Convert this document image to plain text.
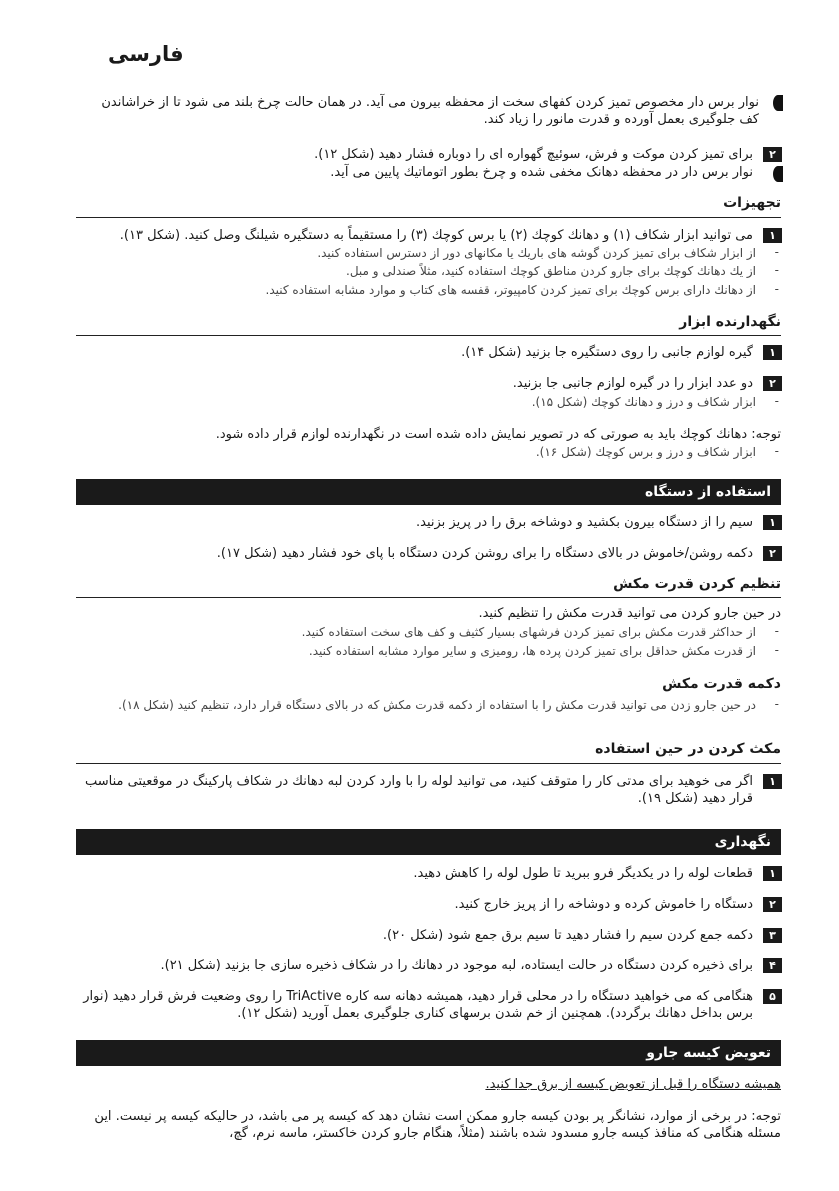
فارسی
نوار برس دار مخصوص تمیز کردن کفهای سخت از محفظه بیرون می آید. در همان حالت چرخ بلند می شود تا از خراشاندن کف جلوگیری بعمل آورده و قدرت مانور را زیاد کند.
٢
برای تمیز کردن موکت و فرش، سوئیچ گهواره ای را دوباره فشار دهید (شکل ١٢).
نوار برس دار در محفظه دهانک مخفی شده و چرخ بطور اتوماتیك پایین می آید.
تجهیزات
١
می توانید ابزار شکاف (١) و دهانك کوچك (٢) یا برس کوچك (٣) را مستقیماً به دستگیره شیلنگ وصل کنید. (شکل ١٣).
-
از ابزار شکاف برای تمیز کردن گوشه های باریك یا مکانهای دور از دسترس استفاده کنید.
-
از یك دهانك کوچك برای جارو کردن مناطق کوچك استفاده کنید، مثلاً صندلی و مبل.
-
از دهانك دارای برس کوچك برای تمیز کردن کامپیوتر، قفسه های کتاب و موارد مشابه استفاده کنید.
نگهدارنده ابزار
١
گیره لوازم جانبی را روی دستگیره جا بزنید (شکل ١۴).
٢
دو عدد ابزار را در گیره لوازم جانبی جا بزنید.
-
ابزار شکاف و درز و دهانك کوچك (شکل ١۵).
توجه: دهانك کوچك باید به صورتی که در تصویر نمایش داده شده است در نگهدارنده لوازم قرار داده شود.
-
ابزار شکاف و درز و برس کوچك (شکل ١۶).
استفاده از دستگاه
١
سیم را از دستگاه بیرون بکشید و دوشاخه برق را در پریز بزنید.
٢
دکمه روشن/خاموش در بالای دستگاه را برای روشن کردن دستگاه با پای خود فشار دهید (شکل ١٧).
تنظیم کردن قدرت مکش
در حین جارو کردن می توانید قدرت مکش را تنظیم کنید.
-
از حداکثر قدرت مکش برای تمیز کردن فرشهای بسیار کثیف و کف های سخت استفاده کنید.
-
از قدرت مکش حداقل برای تمیز کردن پرده ها، رومیزی و سایر موارد مشابه استفاده کنید.
دکمه قدرت مکش
-
در حین جارو زدن می توانید قدرت مکش را با استفاده از دکمه قدرت مکش که در بالای دستگاه قرار دارد، تنظیم کنید (شکل ١٨).
مکث کردن در حین استفاده
١
اگر می خوهید برای مدتی کار را متوقف کنید، می توانید لوله را با وارد کردن لبه دهانك در شکاف پارکینگ در موقعیتی مناسب قرار دهید (شکل ١٩).
نگهداری
١
قطعات لوله را در یکدیگر فرو ببرید تا طول لوله را کاهش دهید.
٢
دستگاه را خاموش کرده و دوشاخه را از پریز خارج کنید.
٣
دکمه جمع کردن سیم را فشار دهید تا سیم برق جمع شود (شکل ٢٠).
۴
برای ذخیره کردن دستگاه در حالت ایستاده، لبه موجود در دهانك را در شکاف ذخیره سازی جا بزنید (شکل ٢١).
۵
هنگامی که می خواهید دستگاه را در محلی قرار دهید، همیشه دهانه سه کاره TriActive را روی وضعیت فرش قرار دهید (نوار برس بداخل دهانك برگردد). همچنین از خم شدن برسهای کناری جلوگیری بعمل آورید (شکل ١٢).
تعویض کیسه جارو
همیشه دستگاه را قبل از تعویض کیسه از برق جدا کنید.
توجه: در برخی از موارد، نشانگر پر بودن کیسه جارو ممکن است نشان دهد که کیسه پر می باشد، در حالیکه کیسه پر نیست. این مسئله هنگامی که منافذ کیسه جارو مسدود شده باشند (مثلاً، هنگام جارو کردن خاکستر، ماسه نرم، گچ،
